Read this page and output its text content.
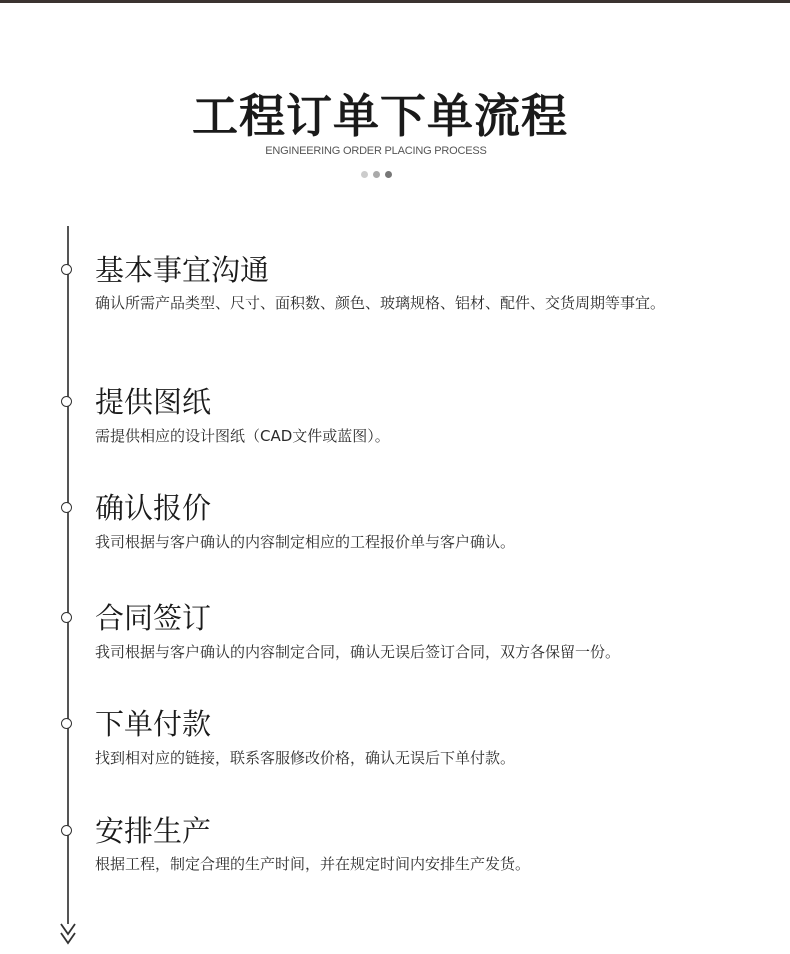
工程订单下单流程
ENGINEERING ORDER PLACING PROCESS
基本事宜沟通

确认所需产品类型、尺寸、面积数、颜色、玻璃规格、铝材、配件、交货周期等事宜。

提供图纸

需提供相应的设计图纸（CAD文件或蓝图）。

确认报价

我司根据与客户确认的内容制定相应的工程报价单与客户确认。

合同签订

我司根据与客户确认的内容制定合同，确认无误后签订合同，双方各保留一份。

下单付款

找到相对应的链接，联系客服修改价格，确认无误后下单付款。

安排生产

根据工程，制定合理的生产时间，并在规定时间内安排生产发货。
